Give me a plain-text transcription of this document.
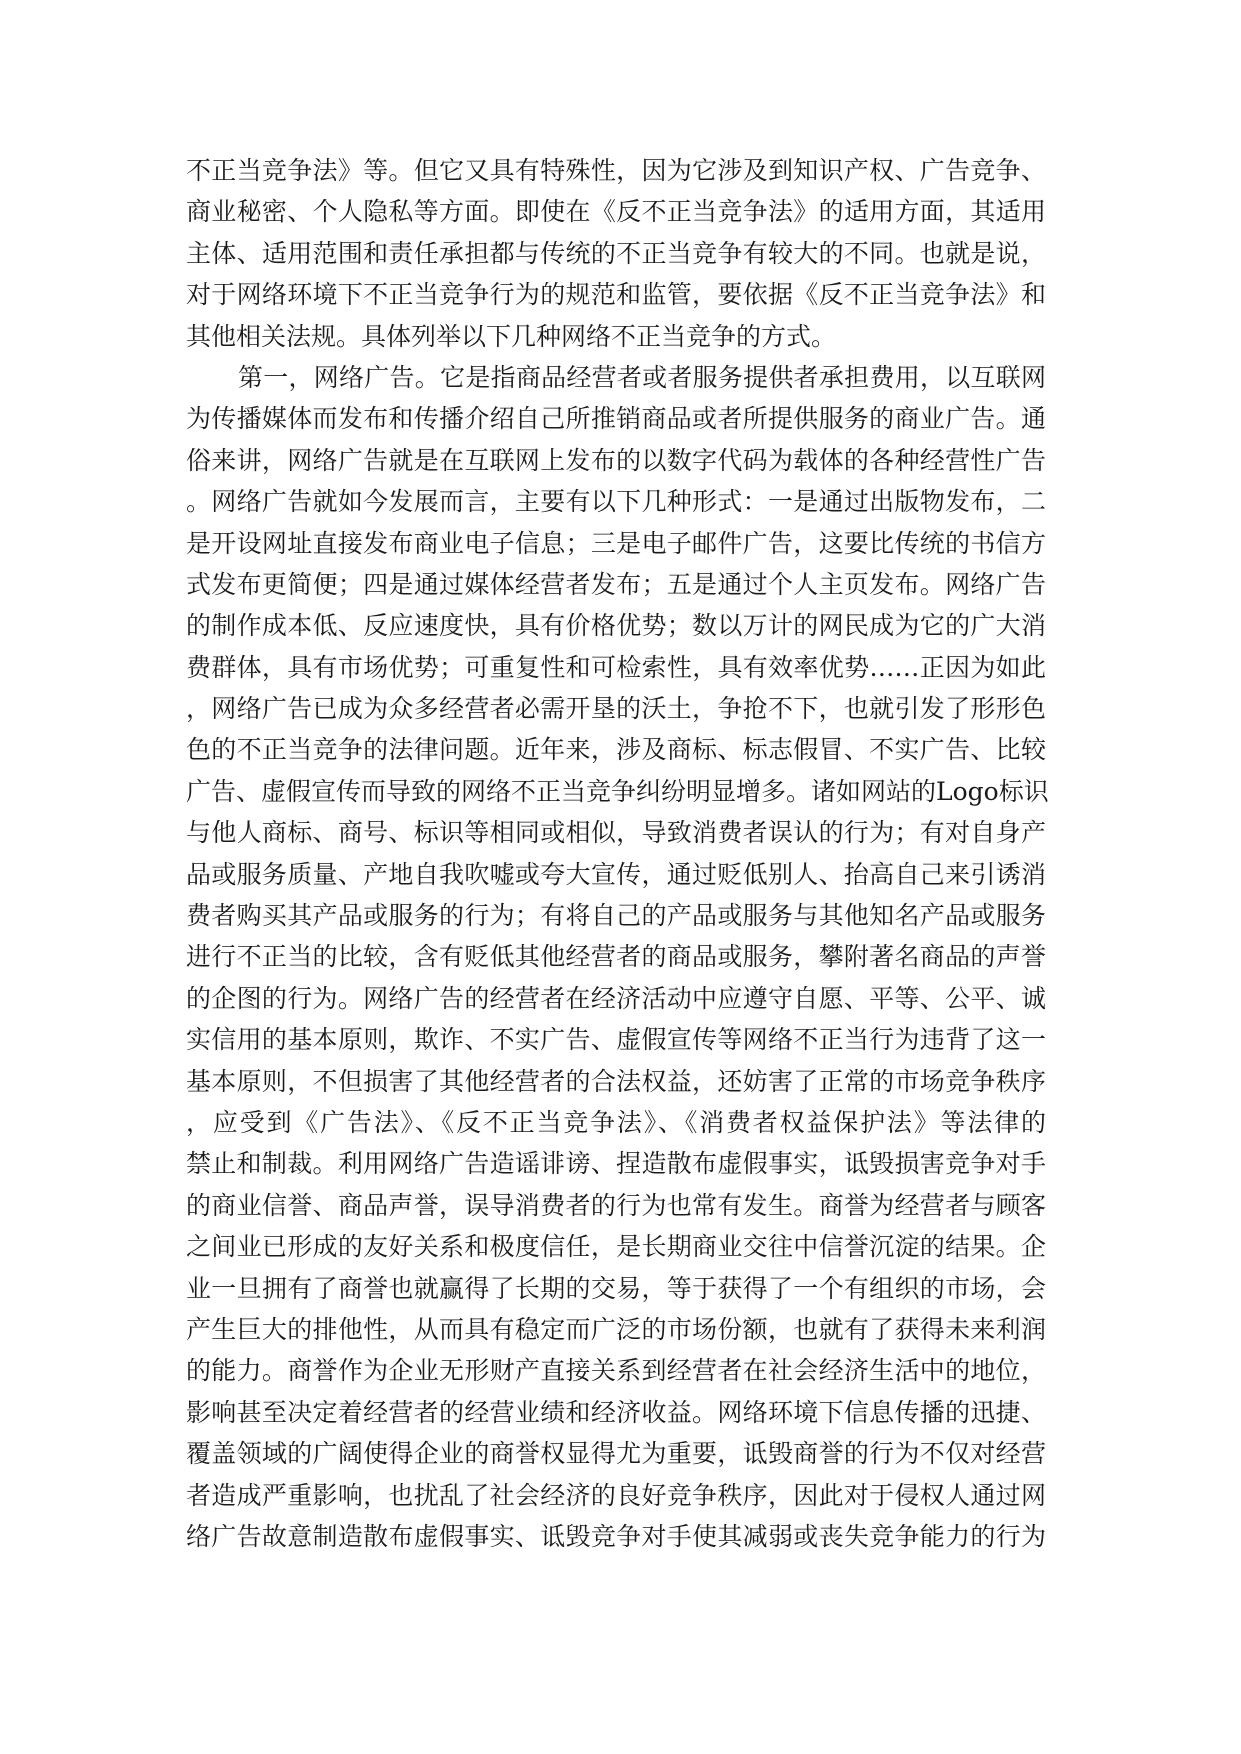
不正当竞争法》等。但它又具有特殊性，因为它涉及到知识产权、广告竞争、
商业秘密、个人隐私等方面。即使在《反不正当竞争法》的适用方面，其适用
主体、适用范围和责任承担都与传统的不正当竞争有较大的不同。也就是说，
对于网络环境下不正当竞争行为的规范和监管，要依据《反不正当竞争法》和
其他相关法规。具体列举以下几种网络不正当竞争的方式。
第一，网络广告。它是指商品经营者或者服务提供者承担费用，以互联网
为传播媒体而发布和传播介绍自己所推销商品或者所提供服务的商业广告。通
俗来讲，网络广告就是在互联网上发布的以数字代码为载体的各种经营性广告
。网络广告就如今发展而言，主要有以下几种形式：一是通过出版物发布，二
是开设网址直接发布商业电子信息；三是电子邮件广告，这要比传统的书信方
式发布更简便；四是通过媒体经营者发布；五是通过个人主页发布。网络广告
的制作成本低、反应速度快，具有价格优势；数以万计的网民成为它的广大消
费群体，具有市场优势；可重复性和可检索性，具有效率优势……正因为如此
，网络广告已成为众多经营者必需开垦的沃土，争抢不下，也就引发了形形色
色的不正当竞争的法律问题。近年来，涉及商标、标志假冒、不实广告、比较
广告、虚假宣传而导致的网络不正当竞争纠纷明显增多。诸如网站的Logo标识
与他人商标、商号、标识等相同或相似，导致消费者误认的行为；有对自身产
品或服务质量、产地自我吹嘘或夸大宣传，通过贬低别人、抬高自己来引诱消
费者购买其产品或服务的行为；有将自己的产品或服务与其他知名产品或服务
进行不正当的比较，含有贬低其他经营者的商品或服务，攀附著名商品的声誉
的企图的行为。网络广告的经营者在经济活动中应遵守自愿、平等、公平、诚
实信用的基本原则，欺诈、不实广告、虚假宣传等网络不正当行为违背了这一
基本原则，不但损害了其他经营者的合法权益，还妨害了正常的市场竞争秩序
，应受到《广告法》、《反不正当竞争法》、《消费者权益保护法》等法律的
禁止和制裁。利用网络广告造谣诽谤、捏造散布虚假事实，诋毁损害竞争对手
的商业信誉、商品声誉，误导消费者的行为也常有发生。商誉为经营者与顾客
之间业已形成的友好关系和极度信任，是长期商业交往中信誉沉淀的结果。企
业一旦拥有了商誉也就赢得了长期的交易，等于获得了一个有组织的市场，会
产生巨大的排他性，从而具有稳定而广泛的市场份额，也就有了获得未来利润
的能力。商誉作为企业无形财产直接关系到经营者在社会经济生活中的地位，
影响甚至决定着经营者的经营业绩和经济收益。网络环境下信息传播的迅捷、
覆盖领域的广阔使得企业的商誉权显得尤为重要，诋毁商誉的行为不仅对经营
者造成严重影响，也扰乱了社会经济的良好竞争秩序，因此对于侵权人通过网
络广告故意制造散布虚假事实、诋毁竞争对手使其减弱或丧失竞争能力的行为
